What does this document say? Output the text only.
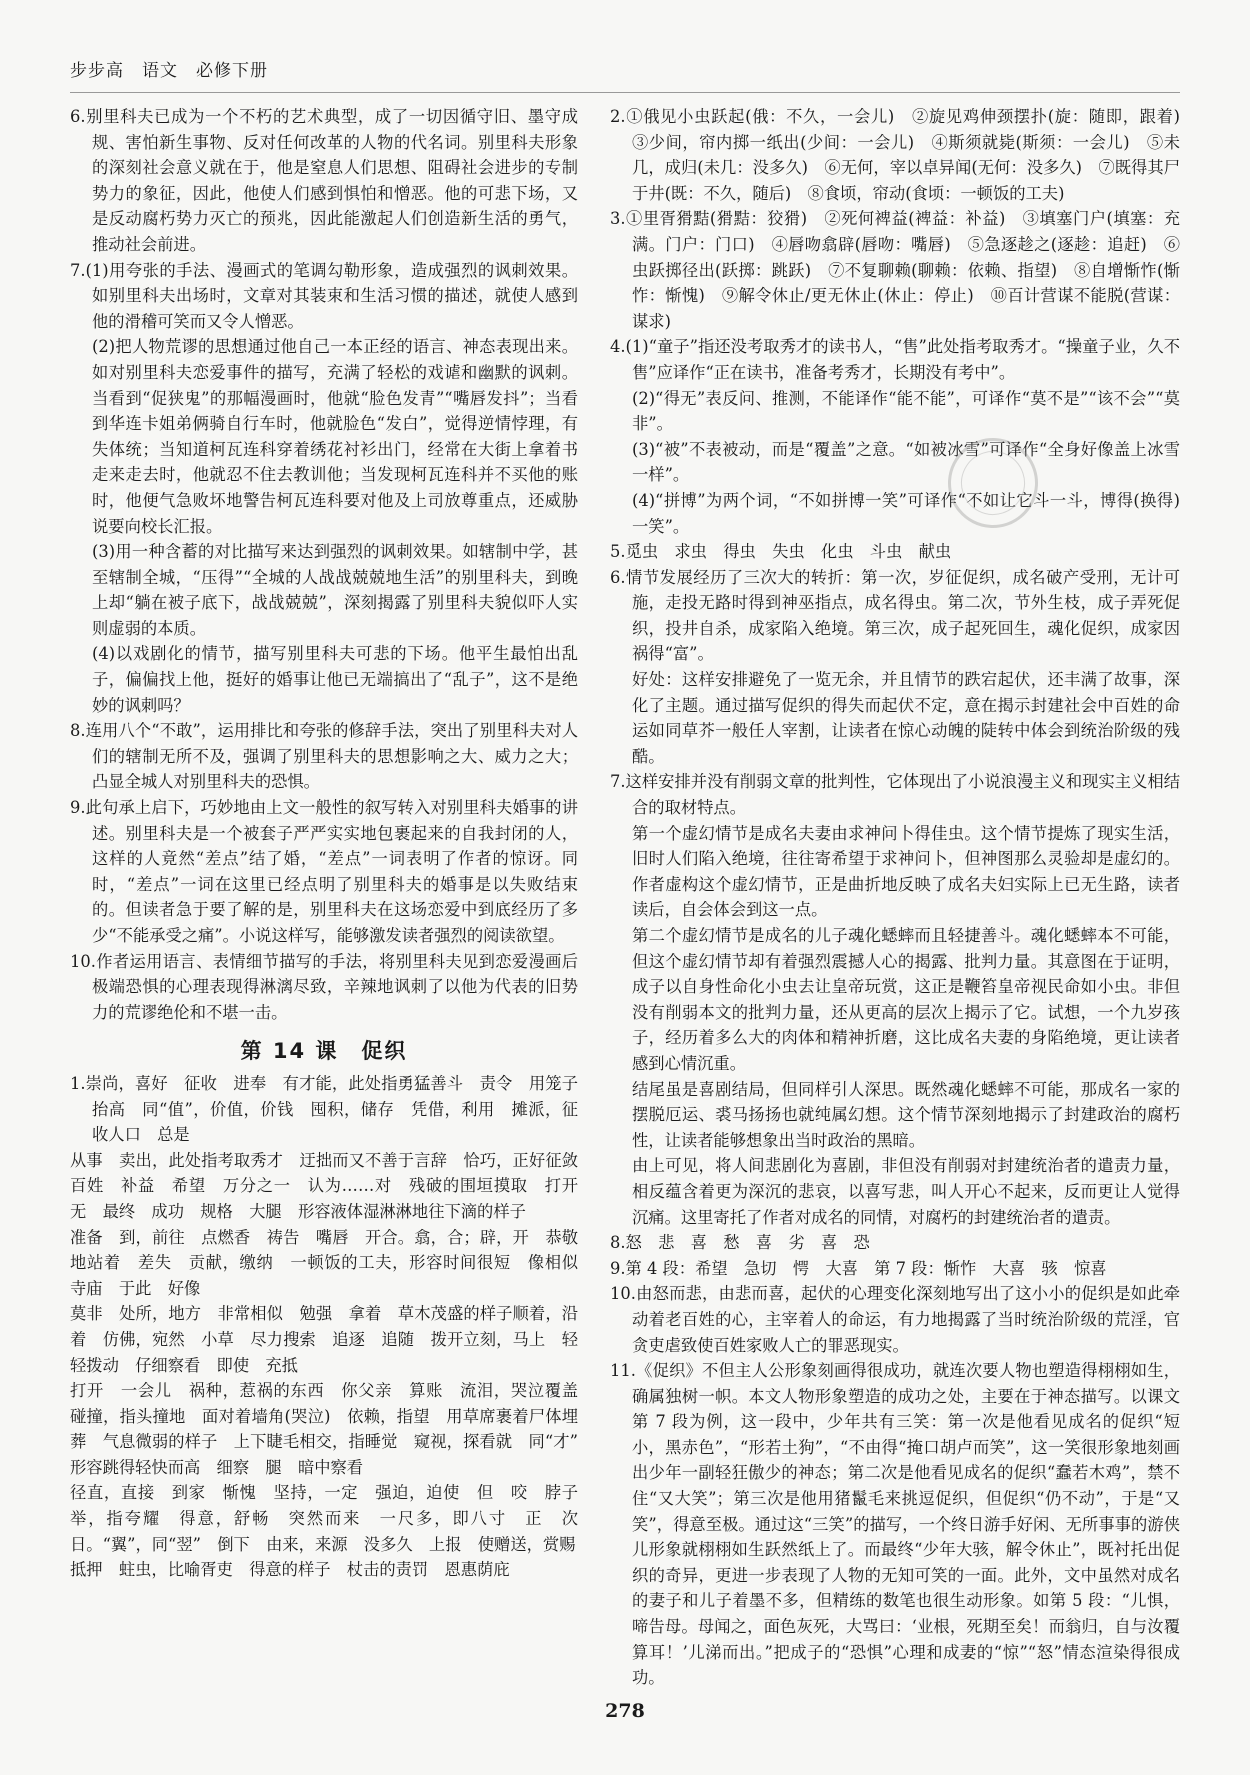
步步高　语文　必修下册

6.别里科夫已成为一个不朽的艺术典型，成了一切因循守旧、墨守成规、害怕新生事物、反对任何改革的人物的代名词。别里科夫形象的深刻社会意义就在于，他是窒息人们思想、阻碍社会进步的专制势力的象征，因此，他使人们感到惧怕和憎恶。他的可悲下场，又是反动腐朽势力灭亡的预兆，因此能激起人们创造新生活的勇气，推动社会前进。

7.(1)用夸张的手法、漫画式的笔调勾勒形象，造成强烈的讽刺效果。如别里科夫出场时，文章对其装束和生活习惯的描述，就使人感到他的滑稽可笑而又令人憎恶。

(2)把人物荒谬的思想通过他自己一本正经的语言、神态表现出来。如对别里科夫恋爱事件的描写，充满了轻松的戏谑和幽默的讽刺。当看到“促狭鬼”的那幅漫画时，他就“脸色发青”“嘴唇发抖”；当看到华连卡姐弟俩骑自行车时，他就脸色“发白”，觉得逆情悖理，有失体统；当知道柯瓦连科穿着绣花衬衫出门，经常在大街上拿着书走来走去时，他就忍不住去教训他；当发现柯瓦连科并不买他的账时，他便气急败坏地警告柯瓦连科要对他及上司放尊重点，还威胁说要向校长汇报。

(3)用一种含蓄的对比描写来达到强烈的讽刺效果。如辖制中学，甚至辖制全城，“压得”“全城的人战战兢兢地生活”的别里科夫，到晚上却“躺在被子底下，战战兢兢”，深刻揭露了别里科夫貌似吓人实则虚弱的本质。

(4)以戏剧化的情节，描写别里科夫可悲的下场。他平生最怕出乱子，偏偏找上他，挺好的婚事让他已无端搞出了“乱子”，这不是绝妙的讽刺吗？

8.连用八个“不敢”，运用排比和夸张的修辞手法，突出了别里科夫对人们的辖制无所不及，强调了别里科夫的思想影响之大、威力之大；凸显全城人对别里科夫的恐惧。

9.此句承上启下，巧妙地由上文一般性的叙写转入对别里科夫婚事的讲述。别里科夫是一个被套子严严实实地包裹起来的自我封闭的人，这样的人竟然“差点”结了婚，“差点”一词表明了作者的惊讶。同时，“差点”一词在这里已经点明了别里科夫的婚事是以失败结束的。但读者急于要了解的是，别里科夫在这场恋爱中到底经历了多少“不能承受之痛”。小说这样写，能够激发读者强烈的阅读欲望。

10.作者运用语言、表情细节描写的手法，将别里科夫见到恋爱漫画后极端恐惧的心理表现得淋漓尽致，辛辣地讽刺了以他为代表的旧势力的荒谬绝伦和不堪一击。

第 14 课　促织

1.崇尚，喜好　征收　进奉　有才能，此处指勇猛善斗　责令　用笼子抬高　同“值”，价值，价钱　囤积，储存　凭借，利用　摊派，征收人口　总是

从事　卖出，此处指考取秀才　迂拙而又不善于言辞　恰巧，正好征敛　百姓　补益　希望　万分之一　认为……对　残破的围垣摸取　打开　无　最终　成功　规格　大腿　形容液体湿淋淋地往下滴的样子

准备　到，前往　点燃香　祷告　嘴唇　开合。翕，合；辟，开　恭敬地站着　差失　贡献，缴纳　一顿饭的工夫，形容时间很短　像相似　寺庙　于此　好像

莫非　处所，地方　非常相似　勉强　拿着　草木茂盛的样子顺着，沿着　仿佛，宛然　小草　尽力搜索　追逐　追随　拨开立刻，马上　轻轻拨动　仔细察看　即使　充抵

打开　一会儿　祸种，惹祸的东西　你父亲　算账　流泪，哭泣覆盖　碰撞，指头撞地　面对着墙角(哭泣)　依赖，指望　用草席裹着尸体埋葬　气息微弱的样子　上下睫毛相交，指睡觉　窥视，探看就　同“才”　形容跳得轻快而高　细察　腿　暗中察看

径直，直接　到家　惭愧　坚持，一定　强迫，迫使　但　咬　脖子举，指夸耀　得意，舒畅　突然而来　一尺多，即八寸　正　次日。“翼”，同“翌”　倒下　由来，来源　没多久　上报　使赠送，赏赐

抵押　蛀虫，比喻胥吏　得意的样子　杖击的责罚　恩惠荫庇

2.①俄见小虫跃起(俄：不久，一会儿)　②旋见鸡伸颈摆扑(旋：随即，跟着)　③少间，帘内掷一纸出(少间：一会儿)　④斯须就毙(斯须：一会儿)　⑤未几，成归(未几：没多久)　⑥无何，宰以卓异闻(无何：没多久)　⑦既得其尸于井(既：不久，随后)　⑧食顷，帘动(食顷：一顿饭的工夫)

3.①里胥猾黠(猾黠：狡猾)　②死何裨益(裨益：补益)　③填塞门户(填塞：充满。门户：门口)　④唇吻翕辟(唇吻：嘴唇)　⑤急逐趁之(逐趁：追赶)　⑥虫跃掷径出(跃掷：跳跃)　⑦不复聊赖(聊赖：依赖、指望)　⑧自增惭怍(惭怍：惭愧)　⑨解令休止/更无休止(休止：停止)　⑩百计营谋不能脱(营谋：谋求)

4.(1)“童子”指还没考取秀才的读书人，“售”此处指考取秀才。“操童子业，久不售”应译作“正在读书，准备考秀才，长期没有考中”。

(2)“得无”表反问、推测，不能译作“能不能”，可译作“莫不是”“该不会”“莫非”。

(3)“被”不表被动，而是“覆盖”之意。“如被冰雪”可译作“全身好像盖上冰雪一样”。

(4)“拼博”为两个词，“不如拼博一笑”可译作“不如让它斗一斗，博得(换得)一笑”。

5.觅虫　求虫　得虫　失虫　化虫　斗虫　献虫

6.情节发展经历了三次大的转折：第一次，岁征促织，成名破产受刑，无计可施，走投无路时得到神巫指点，成名得虫。第二次，节外生枝，成子弄死促织，投井自杀，成家陷入绝境。第三次，成子起死回生，魂化促织，成家因祸得“富”。

好处：这样安排避免了一览无余，并且情节的跌宕起伏，还丰满了故事，深化了主题。通过描写促织的得失而起伏不定，意在揭示封建社会中百姓的命运如同草芥一般任人宰割，让读者在惊心动魄的陡转中体会到统治阶级的残酷。

7.这样安排并没有削弱文章的批判性，它体现出了小说浪漫主义和现实主义相结合的取材特点。

第一个虚幻情节是成名夫妻由求神问卜得佳虫。这个情节提炼了现实生活，旧时人们陷入绝境，往往寄希望于求神问卜，但神图那么灵验却是虚幻的。作者虚构这个虚幻情节，正是曲折地反映了成名夫妇实际上已无生路，读者读后，自会体会到这一点。

第二个虚幻情节是成名的儿子魂化蟋蟀而且轻捷善斗。魂化蟋蟀本不可能，但这个虚幻情节却有着强烈震撼人心的揭露、批判力量。其意图在于证明，成子以自身性命化小虫去让皇帝玩赏，这正是鞭笞皇帝视民命如小虫。非但没有削弱本文的批判力量，还从更高的层次上揭示了它。试想，一个九岁孩子，经历着多么大的肉体和精神折磨，这比成名夫妻的身陷绝境，更让读者感到心情沉重。

结尾虽是喜剧结局，但同样引人深思。既然魂化蟋蟀不可能，那成名一家的摆脱厄运、裘马扬扬也就纯属幻想。这个情节深刻地揭示了封建政治的腐朽性，让读者能够想象出当时政治的黑暗。

由上可见，将人间悲剧化为喜剧，非但没有削弱对封建统治者的遣责力量，相反蕴含着更为深沉的悲哀，以喜写悲，叫人开心不起来，反而更让人觉得沉痛。这里寄托了作者对成名的同情，对腐朽的封建统治者的遣责。

8.怒　悲　喜　愁　喜　劣　喜　恐

9.第 4 段：希望　急切　愕　大喜　第 7 段：惭怍　大喜　骇　惊喜

10.由怒而悲，由悲而喜，起伏的心理变化深刻地写出了这小小的促织是如此牵动着老百姓的心，主宰着人的命运，有力地揭露了当时统治阶级的荒淫，官贪吏虐致使百姓家败人亡的罪恶现实。

11.《促织》不但主人公形象刻画得很成功，就连次要人物也塑造得栩栩如生，确属独树一帜。本文人物形象塑造的成功之处，主要在于神态描写。以课文第 7 段为例，这一段中，少年共有三笑：第一次是他看见成名的促织“短小，黑赤色”，“形若土狗”，“不由得“掩口胡卢而笑”，这一笑很形象地刻画出少年一副轻狂傲少的神态；第二次是他看见成名的促织“蠢若木鸡”，禁不住“又大笑”；第三次是他用猪鬣毛来挑逗促织，但促织“仍不动”，于是“又笑”，得意至极。通过这“三笑”的描写，一个终日游手好闲、无所事事的游侠儿形象就栩栩如生跃然纸上了。而最终“少年大骇，解令休止”，既衬托出促织的奇异，更进一步表现了人物的无知可笑的一面。此外，文中虽然对成名的妻子和儿子着墨不多，但精练的数笔也很生动形象。如第 5 段：“儿惧，啼告母。母闻之，面色灰死，大骂曰：‘业根，死期至矣！而翁归，自与汝覆算耳！’儿涕而出。”把成子的“恐惧”心理和成妻的“惊”“怒”情态渲染得很成功。

278
